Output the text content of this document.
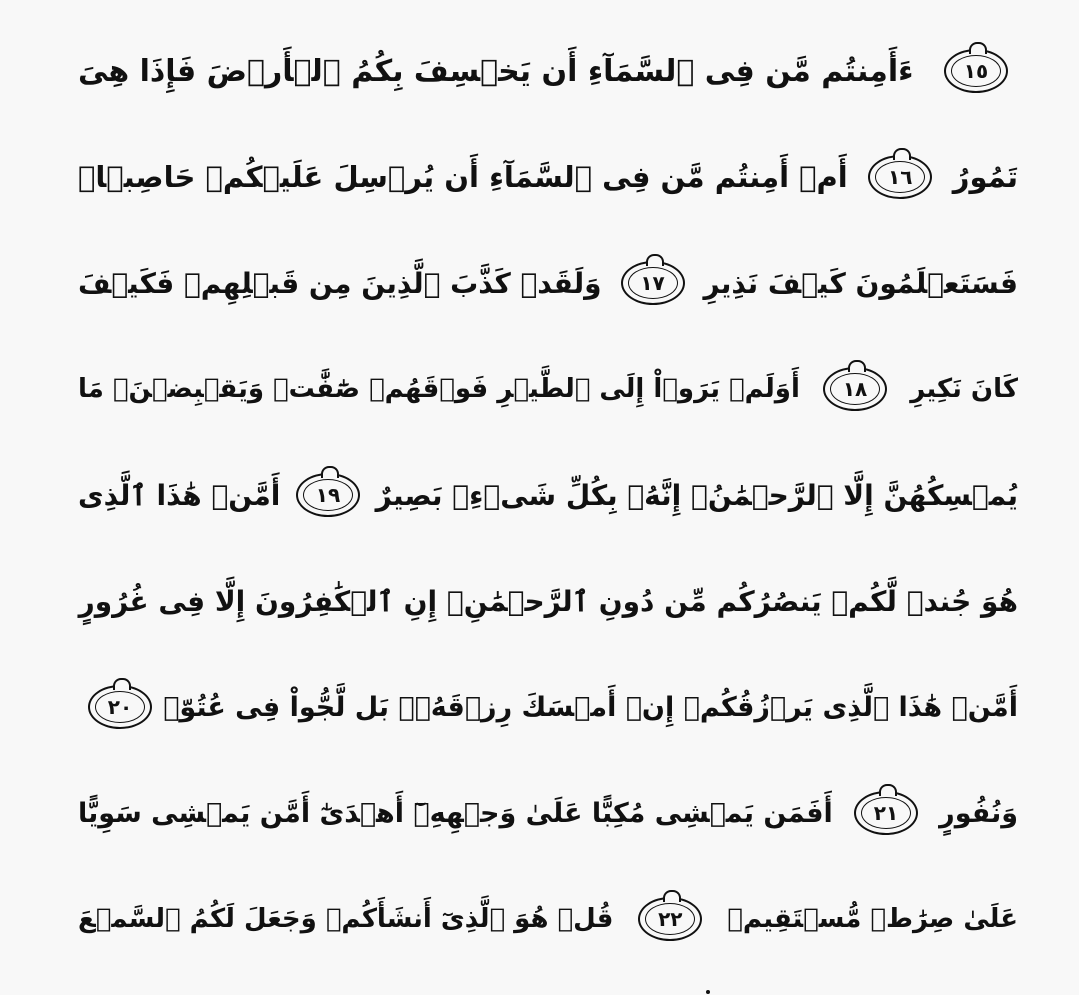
١٥
ءَأَمِنتُم مَّن فِى ٱلسَّمَآءِ أَن يَخۡسِفَ بِكُمُ ٱلۡأَرۡضَ فَإِذَا هِىَ
تَمُورُ
١٦
أَمۡ أَمِنتُم مَّن فِى ٱلسَّمَآءِ أَن يُرۡسِلَ عَلَيۡكُمۡ حَاصِبࣰاۖ
فَسَتَعۡلَمُونَ كَيۡفَ نَذِيرِ
١٧
وَلَقَدۡ كَذَّبَ ٱلَّذِينَ مِن قَبۡلِهِمۡ فَكَيۡفَ
كَانَ نَكِيرِ
١٨
أَوَلَمۡ يَرَوۡاْ إِلَى ٱلطَّيۡرِ فَوۡقَهُمۡ صَٰٓفَّٰتࣲ وَيَقۡبِضۡنَۚ مَا
يُمۡسِكُهُنَّ إِلَّا ٱلرَّحۡمَٰنُۚ إِنَّهُۥ بِكُلِّ شَىۡءِۭ بَصِيرٌ
١٩
أَمَّنۡ هَٰذَا ٱلَّذِى
هُوَ جُندࣱ لَّكُمۡ يَنصُرُكُم مِّن دُونِ ٱلرَّحۡمَٰنِۚ إِنِ ٱلۡكَٰفِرُونَ إِلَّا فِى غُرُورٍ
أَمَّنۡ هَٰذَا ٱلَّذِى يَرۡزُقُكُمۡ إِنۡ أَمۡسَكَ رِزۡقَهُۥۚ بَل لَّجُّواْ فِى عُتُوࣲّ
٢٠
وَنُفُورٍ
٢١
أَفَمَن يَمۡشِى مُكِبًّا عَلَىٰ وَجۡهِهِۦٓ أَهۡدَىٰٓ أَمَّن يَمۡشِى سَوِيًّا
عَلَىٰ صِرَٰطࣲ مُّسۡتَقِيمࣲ
٢٢
قُلۡ هُوَ ٱلَّذِىٓ أَنشَأَكُمۡ وَجَعَلَ لَكُمُ ٱلسَّمۡعَ
